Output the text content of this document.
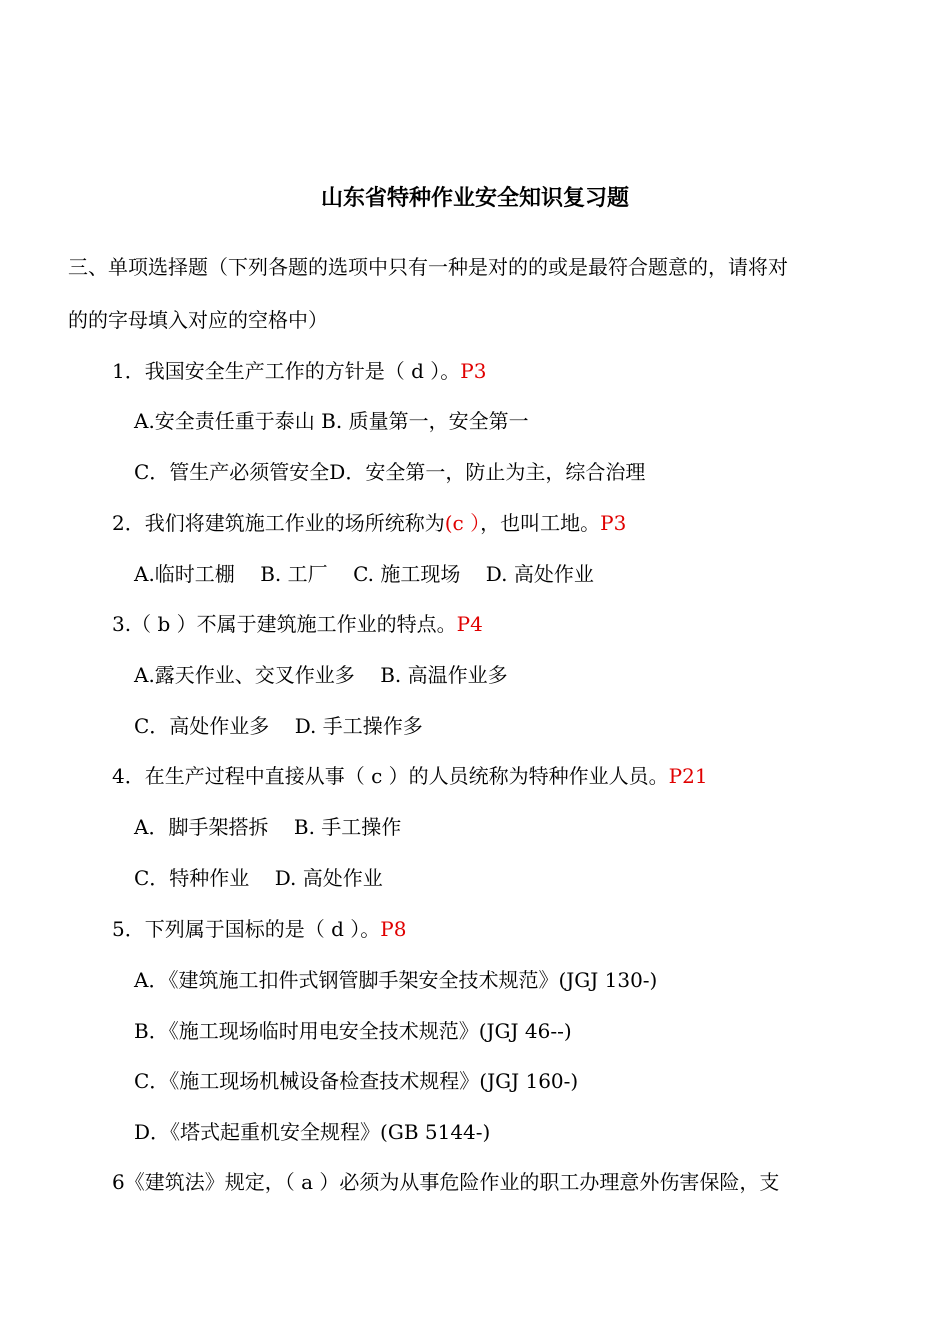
山东省特种作业安全知识复习题
三、单项选择题（下列各题的选项中只有一种是对的的或是最符合题意的，请将对
的的字母填入对应的空格中）
1．我国安全生产工作的方针是（ d ）。P3
A.安全责任重于泰山 B. 质量第一，安全第一
C．管生产必须管安全D．安全第一，防止为主，综合治理
2．我们将建筑施工作业的场所统称为(c ），也叫工地。P3
A.临时工棚    B. 工厂    C. 施工现场    D. 高处作业
3.（ b ）不属于建筑施工作业的特点。P4
A.露天作业、交叉作业多    B. 高温作业多
C．高处作业多    D. 手工操作多
4．在生产过程中直接从事（ c ）的人员统称为特种作业人员。P21
A．脚手架搭拆    B. 手工操作
C．特种作业    D. 高处作业
5．下列属于国标的是（ d ）。P8
A．《建筑施工扣件式钢管脚手架安全技术规范》(JGJ 130-)
B．《施工现场临时用电安全技术规范》(JGJ 46--)
C．《施工现场机械设备检查技术规程》(JGJ 160-)
D．《塔式起重机安全规程》(GB 5144-)
6《建筑法》规定，（ a ）必须为从事危险作业的职工办理意外伤害保险，支
